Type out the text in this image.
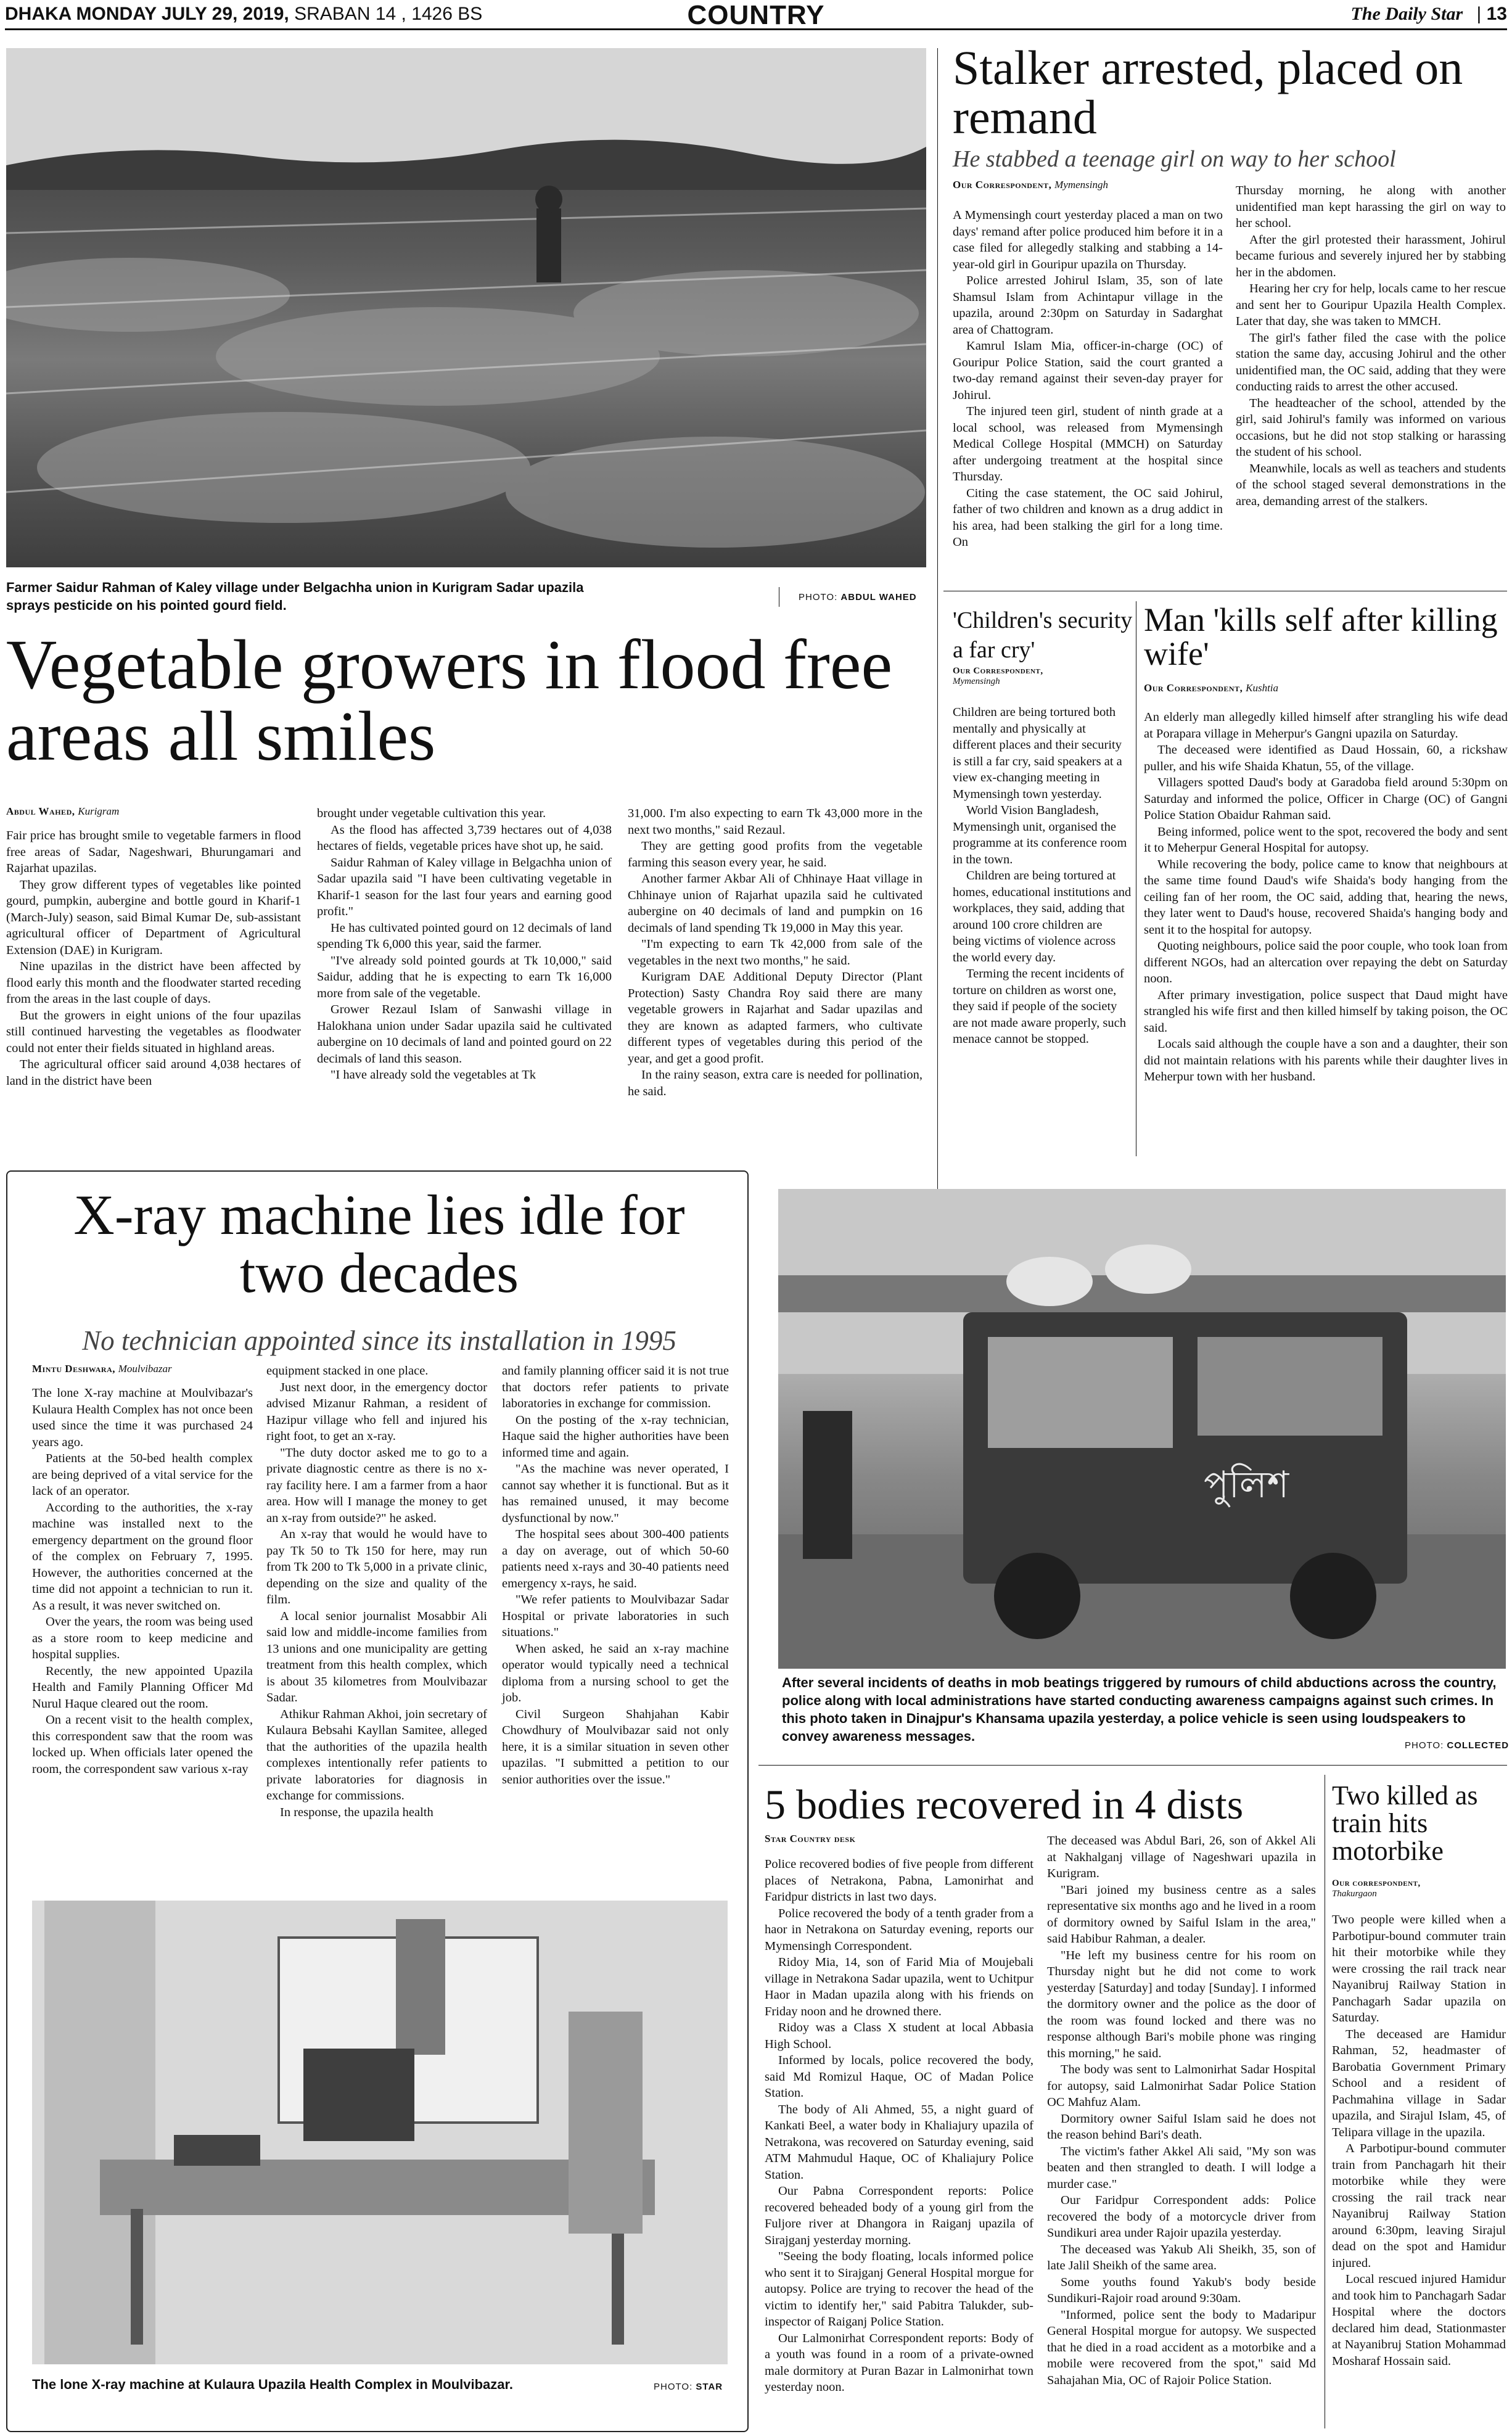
COUNTRY
DHAKA MONDAY JULY 29, 2019, SRABAN 14 , 1426 BS	The Daily Star | 13
Farmer Saidur Rahman of Kaley village under Belgachha union in Kurigram Sadar upazila sprays pesticide on his pointed gourd field.
PHOTO: ABDUL WAHED
Vegetable growers in flood free areas all smiles
Abdul Wahed, Kurigram

Fair price has brought smile to vegetable farmers in flood free areas of Sadar, Nageshwari, Bhurungamari and Rajarhat upazilas.

They grow different types of vegetables like pointed gourd, pumpkin, aubergine and bottle gourd in Kharif-1 (March-July) season, said Bimal Kumar De, sub-assistant agricultural officer of Department of Agricultural Extension (DAE) in Kurigram.

Nine upazilas in the district have been affected by flood early this month and the floodwater started receding from the areas in the last couple of days.

But the growers in eight unions of the four upazilas still continued harvesting the vegetables as floodwater could not enter their fields situated in highland areas.

The agricultural officer said around 4,038 hectares of land in the district have been

brought under vegetable cultivation this year.

As the flood has affected 3,739 hectares out of 4,038 hectares of fields, vegetable prices have shot up, he said.

Saidur Rahman of Kaley village in Belgachha union of Sadar upazila said "I have been cultivating vegetable in Kharif-1 season for the last four years and earning good profit."

He has cultivated pointed gourd on 12 decimals of land spending Tk 6,000 this year, said the farmer.

"I've already sold pointed gourds at Tk 10,000," said Saidur, adding that he is expecting to earn Tk 16,000 more from sale of the vegetable.

Grower Rezaul Islam of Sanwashi village in Halokhana union under Sadar upazila said he cultivated aubergine on 10 decimals of land and pointed gourd on 22 decimals of land this season.

"I have already sold the vegetables at Tk

31,000. I'm also expecting to earn Tk 43,000 more in the next two months," said Rezaul.

They are getting good profits from the vegetable farming this season every year, he said.

Another farmer Akbar Ali of Chhinaye Haat village in Chhinaye union of Rajarhat upazila said he cultivated aubergine on 40 decimals of land and pumpkin on 16 decimals of land spending Tk 19,000 in May this year.

"I'm expecting to earn Tk 42,000 from sale of the vegetables in the next two months," he said.

Kurigram DAE Additional Deputy Director (Plant Protection) Sasty Chandra Roy said there are many vegetable growers in Rajarhat and Sadar upazilas and they are known as adapted farmers, who cultivate different types of vegetables during this period of the year, and get a good profit.

In the rainy season, extra care is needed for pollination, he said.

Stalker arrested, placed on remand
He stabbed a teenage girl on way to her school
Our Correspondent, Mymensingh

A Mymensingh court yesterday placed a man on two days' remand after police produced him before it in a case filed for allegedly stalking and stabbing a 14-year-old girl in Gouripur upazila on Thursday.

Police arrested Johirul Islam, 35, son of late Shamsul Islam from Achintapur village in the upazila, around 2:30pm on Saturday in Sadarghat area of Chattogram.

Kamrul Islam Mia, officer-in-charge (OC) of Gouripur Police Station, said the court granted a two-day remand against their seven-day prayer for Johirul.

The injured teen girl, student of ninth grade at a local school, was released from Mymensingh Medical College Hospital (MMCH) on Saturday after undergoing treatment at the hospital since Thursday.

Citing the case statement, the OC said Johirul, father of two children and known as a drug addict in his area, had been stalking the girl for a long time. On

Thursday morning, he along with another unidentified man kept harassing the girl on way to her school.

After the girl protested their harassment, Johirul became furious and severely injured her by stabbing her in the abdomen.

Hearing her cry for help, locals came to her rescue and sent her to Gouripur Upazila Health Complex. Later that day, she was taken to MMCH.

The girl's father filed the case with the police station the same day, accusing Johirul and the other unidentified man, the OC said, adding that they were conducting raids to arrest the other accused.

The headteacher of the school, attended by the girl, said Johirul's family was informed on various occasions, but he did not stop stalking or harassing the student of his school.

Meanwhile, locals as well as teachers and students of the school staged several demonstrations in the area, demanding arrest of the stalkers.

'Children's security a far cry'
Our Correspondent,
Mymensingh

Children are being tortured both mentally and physically at different places and their security is still a far cry, said speakers at a view ex-changing meeting in Mymensingh town yesterday.

World Vision Bangladesh, Mymensingh unit, organised the programme at its conference room in the town.

Children are being tortured at homes, educational institutions and workplaces, they said, adding that around 100 crore children are being victims of violence across the world every day.

Terming the recent incidents of torture on children as worst one, they said if people of the society are not made aware properly, such menace cannot be stopped.

Man 'kills self after killing wife'
Our Correspondent, Kushtia

An elderly man allegedly killed himself after strangling his wife dead at Porapara village in Meherpur's Gangni upazila on Saturday.

The deceased were identified as Daud Hossain, 60, a rickshaw puller, and his wife Shaida Khatun, 55, of the village.

Villagers spotted Daud's body at Garadoba field around 5:30pm on Saturday and informed the police, Officer in Charge (OC) of Gangni Police Station Obaidur Rahman said.

Being informed, police went to the spot, recovered the body and sent it to Meherpur General Hospital for autopsy.

While recovering the body, police came to know that neighbours at the same time found Daud's wife Shaida's body hanging from the ceiling fan of her room, the OC said, adding that, hearing the news, they later went to Daud's house, recovered Shaida's hanging body and sent it to the hospital for autopsy.

Quoting neighbours, police said the poor couple, who took loan from different NGOs, had an altercation over repaying the debt on Saturday noon.

After primary investigation, police suspect that Daud might have strangled his wife first and then killed himself by taking poison, the OC said.

Locals said although the couple have a son and a daughter, their son did not maintain relations with his parents while their daughter lives in Meherpur town with her husband.

X-ray machine lies idle for two decades
No technician appointed since its installation in 1995
Mintu Deshwara, Moulvibazar

The lone X-ray machine at Moulvibazar's Kulaura Health Complex has not once been used since the time it was purchased 24 years ago.

Patients at the 50-bed health complex are being deprived of a vital service for the lack of an operator.

According to the authorities, the x-ray machine was installed next to the emergency department on the ground floor of the complex on February 7, 1995. However, the authorities concerned at the time did not appoint a technician to run it. As a result, it was never switched on.

Over the years, the room was being used as a store room to keep medicine and hospital supplies.

Recently, the new appointed Upazila Health and Family Planning Officer Md Nurul Haque cleared out the room.

On a recent visit to the health complex, this correspondent saw that the room was locked up. When officials later opened the room, the correspondent saw various x-ray

equipment stacked in one place.

Just next door, in the emergency doctor advised Mizanur Rahman, a resident of Hazipur village who fell and injured his right foot, to get an x-ray.

"The duty doctor asked me to go to a private diagnostic centre as there is no x-ray facility here. I am a farmer from a haor area. How will I manage the money to get an x-ray from outside?" he asked.

An x-ray that would he would have to pay Tk 50 to Tk 150 for here, may run from Tk 200 to Tk 5,000 in a private clinic, depending on the size and quality of the film.

A local senior journalist Mosabbir Ali said low and middle-income families from 13 unions and one municipality are getting treatment from this health complex, which is about 35 kilometres from Moulvibazar Sadar.

Athikur Rahman Akhoi, join secretary of Kulaura Bebsahi Kayllan Samitee, alleged that the authorities of the upazila health complexes intentionally refer patients to private laboratories for diagnosis in exchange for commissions.

In response, the upazila health

and family planning officer said it is not true that doctors refer patients to private laboratories in exchange for commission.

On the posting of the x-ray technician, Haque said the higher authorities have been informed time and again.

"As the machine was never operated, I cannot say whether it is functional. But as it has remained unused, it may become dysfunctional by now."

The hospital sees about 300-400 patients a day on average, out of which 50-60 patients need x-rays and 30-40 patients need emergency x-rays, he said.

"We refer patients to Moulvibazar Sadar Hospital or private laboratories in such situations."

When asked, he said an x-ray machine operator would typically need a technical diploma from a nursing school to get the job.

Civil Surgeon Shahjahan Kabir Chowdhury of Moulvibazar said not only here, it is a similar situation in seven other upazilas. "I submitted a petition to our senior authorities over the issue."

The lone X-ray machine at Kulaura Upazila Health Complex in Moulvibazar.	PHOTO: STAR
পুলিশ
After several incidents of deaths in mob beatings triggered by rumours of child abductions across the country, police along with local administrations have started conducting awareness campaigns against such crimes. In this photo taken in Dinajpur's Khansama upazila yesterday, a police vehicle is seen using loudspeakers to convey awareness messages.
PHOTO: COLLECTED
5 bodies recovered in 4 dists
Star Country desk

Police recovered bodies of five people from different places of Netrakona, Pabna, Lamonirhat and Faridpur districts in last two days.

Police recovered the body of a tenth grader from a haor in Netrakona on Saturday evening, reports our Mymensingh Correspondent.

Ridoy Mia, 14, son of Farid Mia of Moujebali village in Netrakona Sadar upazila, went to Uchitpur Haor in Madan upazila along with his friends on Friday noon and he drowned there.

Ridoy was a Class X student at local Abbasia High School.

Informed by locals, police recovered the body, said Md Romizul Haque, OC of Madan Police Station.

The body of Ali Ahmed, 55, a night guard of Kankati Beel, a water body in Khaliajury upazila of Netrakona, was recovered on Saturday evening, said ATM Mahmudul Haque, OC of Khaliajury Police Station.

Our Pabna Correspondent reports: Police recovered beheaded body of a young girl from the Fuljore river at Dhangora in Raiganj upazila of Sirajganj yesterday morning.

"Seeing the body floating, locals informed police who sent it to Sirajganj General Hospital morgue for autopsy. Police are trying to recover the head of the victim to identify her," said Pabitra Talukder, sub-inspector of Raiganj Police Station.

Our Lalmonirhat Correspondent reports: Body of a youth was found in a room of a private-owned male dormitory at Puran Bazar in Lalmonirhat town yesterday noon.

The deceased was Abdul Bari, 26, son of Akkel Ali at Nakhalganj village of Nageshwari upazila in Kurigram.

"Bari joined my business centre as a sales representative six months ago and he lived in a room of dormitory owned by Saiful Islam in the area," said Habibur Rahman, a dealer.

"He left my business centre for his room on Thursday night but he did not come to work yesterday [Saturday] and today [Sunday]. I informed the dormitory owner and the police as the door of the room was found locked and there was no response although Bari's mobile phone was ringing this morning," he said.

The body was sent to Lalmonirhat Sadar Hospital for autopsy, said Lalmonirhat Sadar Police Station OC Mahfuz Alam.

Dormitory owner Saiful Islam said he does not the reason behind Bari's death.

The victim's father Akkel Ali said, "My son was beaten and then strangled to death. I will lodge a murder case."

Our Faridpur Correspondent adds: Police recovered the body of a motorcycle driver from Sundikuri area under Rajoir upazila yesterday.

The deceased was Yakub Ali Sheikh, 35, son of late Jalil Sheikh of the same area.

Some youths found Yakub's body beside Sundikuri-Rajoir road around 9:30am.

"Informed, police sent the body to Madaripur General Hospital morgue for autopsy. We suspected that he died in a road accident as a motorbike and a mobile were recovered from the spot," said Md Sahajahan Mia, OC of Rajoir Police Station.

Two killed as train hits motorbike
Our correspondent,
Thakurgaon

Two people were killed when a Parbotipur-bound commuter train hit their motorbike while they were crossing the rail track near Nayanibruj Railway Station in Panchagarh Sadar upazila on Saturday.

The deceased are Hamidur Rahman, 52, headmaster of Barobatia Government Primary School and a resident of Pachmahina village in Sadar upazila, and Sirajul Islam, 45, of Telipara village in the upazila.

A Parbotipur-bound commuter train from Panchagarh hit their motorbike while they were crossing the rail track near Nayanibruj Railway Station around 6:30pm, leaving Sirajul dead on the spot and Hamidur injured.

Local rescued injured Hamidur and took him to Panchagarh Sadar Hospital where the doctors declared him dead, Stationmaster at Nayanibruj Station Mohammad Mosharaf Hossain said.
